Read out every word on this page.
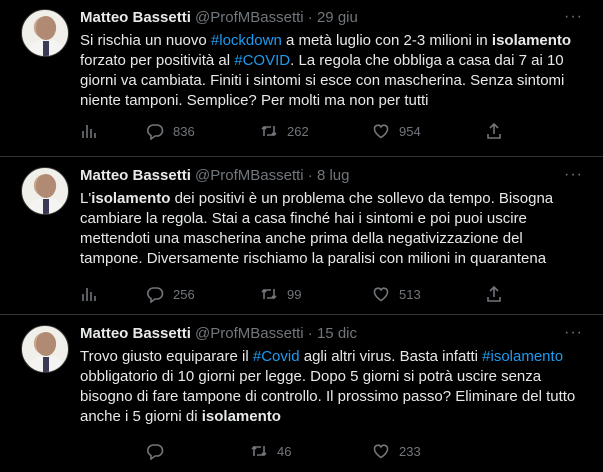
Matteo Bassetti @ProfMBassetti · 29 giu	···
Si rischia un nuovo #lockdown a metà luglio con 2-3 milioni in isolamento forzato per positività al #COVID. La regola che obbliga a casa dai 7 ai 10 giorni va cambiata. Finiti i sintomi si esce con mascherina. Senza sintomi niente tamponi. Semplice? Per molti ma non per tutti
836	262	954
Matteo Bassetti @ProfMBassetti · 8 lug	···
L'isolamento dei positivi è un problema che sollevo da tempo. Bisogna cambiare la regola. Stai a casa finché hai i sintomi e poi puoi uscire mettendoti una mascherina anche prima della negativizzazione del tampone. Diversamente rischiamo la paralisi con milioni in quarantena
256	99	513
Matteo Bassetti @ProfMBassetti · 15 dic	···
Trovo giusto equiparare il #Covid agli altri virus. Basta infatti #isolamento obbligatorio di 10 giorni per legge. Dopo 5 giorni si potrà uscire senza bisogno di fare tampone di controllo. Il prossimo passo? Eliminare del tutto anche i 5 giorni di isolamento
46	233
